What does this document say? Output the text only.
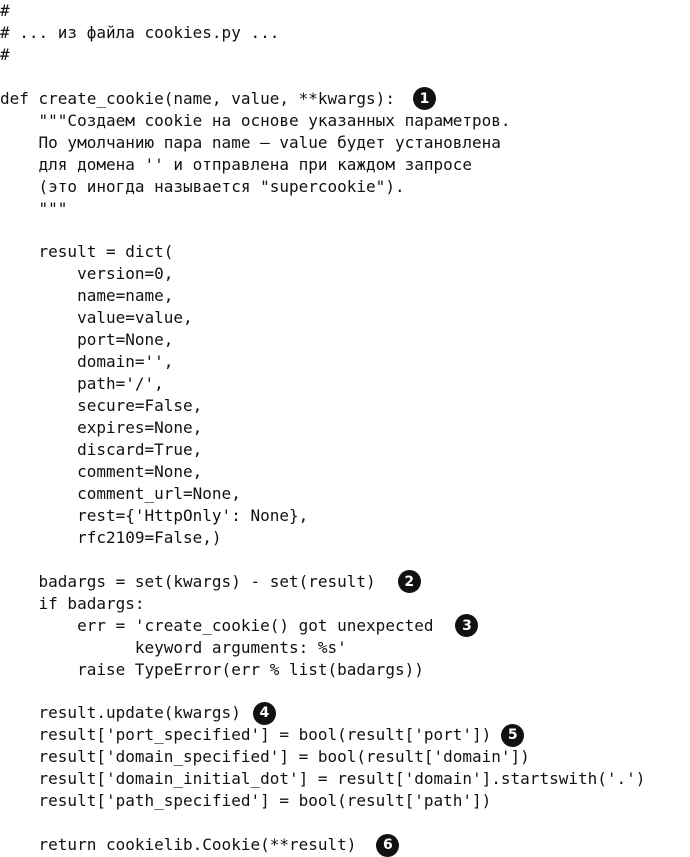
#
# ... из файла cookies.py ...
#
def create_cookie(name, value, **kwargs):	1
"""Создаем cookie на основе указанных параметров.
По умолчанию пара name – value будет установлена
для домена '' и отправлена при каждом запросе
(это иногда называется "supercookie").
"""
result = dict(
version=0,
name=name,
value=value,
port=None,
domain='',
path='/',
secure=False,
expires=None,
discard=True,
comment=None,
comment_url=None,
rest={'HttpOnly': None},
rfc2109=False,)
badargs = set(kwargs) - set(result)	2
if badargs:
err = 'create_cookie() got unexpected	3
keyword arguments: %s'
raise TypeError(err % list(badargs))
result.update(kwargs)	4
result['port_specified'] = bool(result['port'])	5
result['domain_specified'] = bool(result['domain'])
result['domain_initial_dot'] = result['domain'].startswith('.')
result['path_specified'] = bool(result['path'])
return cookielib.Cookie(**result)	6
